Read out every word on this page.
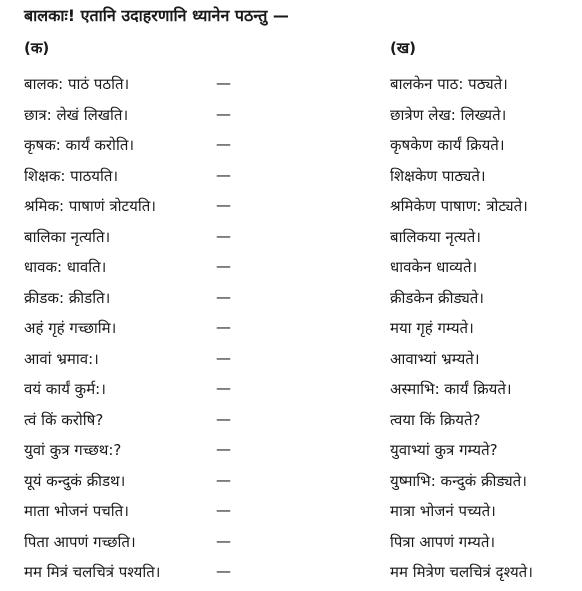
बालकाः! एतानि उदाहरणानि ध्यानेन पठन्तु —
(क)	(ख)
बालक: पाठं पठति।	—	बालकेन पाठ: पठ्यते।
छात्र: लेखं लिखति।	—	छात्रेण लेख: लिख्यते।
कृषक: कार्यं करोति।	—	कृषकेण कार्यं क्रियते।
शिक्षक: पाठयति।	—	शिक्षकेण पाठ्यते।
श्रमिक: पाषाणं त्रोटयति।	—	श्रमिकेण पाषाण: त्रोट्यते।
बालिका नृत्यति।	—	बालिकया नृत्यते।
धावक: धावति।	—	धावकेन धाव्यते।
क्रीडक: क्रीडति।	—	क्रीडकेन क्रीड्यते।
अहं गृहं गच्छामि।	—	मया गृहं गम्यते।
आवां भ्रमाव:।	—	आवाभ्यां भ्रम्यते।
वयं कार्यं कुर्म:।	—	अस्माभि: कार्यं क्रियते।
त्वं किं करोषि?	—	त्वया किं क्रियते?
युवां कुत्र गच्छथ:?	—	युवाभ्यां कुत्र गम्यते?
यूयं कन्दुकं क्रीडथ।	—	युष्माभि: कन्दुकं क्रीड्यते।
माता भोजनं पचति।	—	मात्रा भोजनं पच्यते।
पिता आपणं गच्छति।	—	पित्रा आपणं गम्यते।
मम मित्रं चलचित्रं पश्यति।	—	मम मित्रेण चलचित्रं दृश्यते।
